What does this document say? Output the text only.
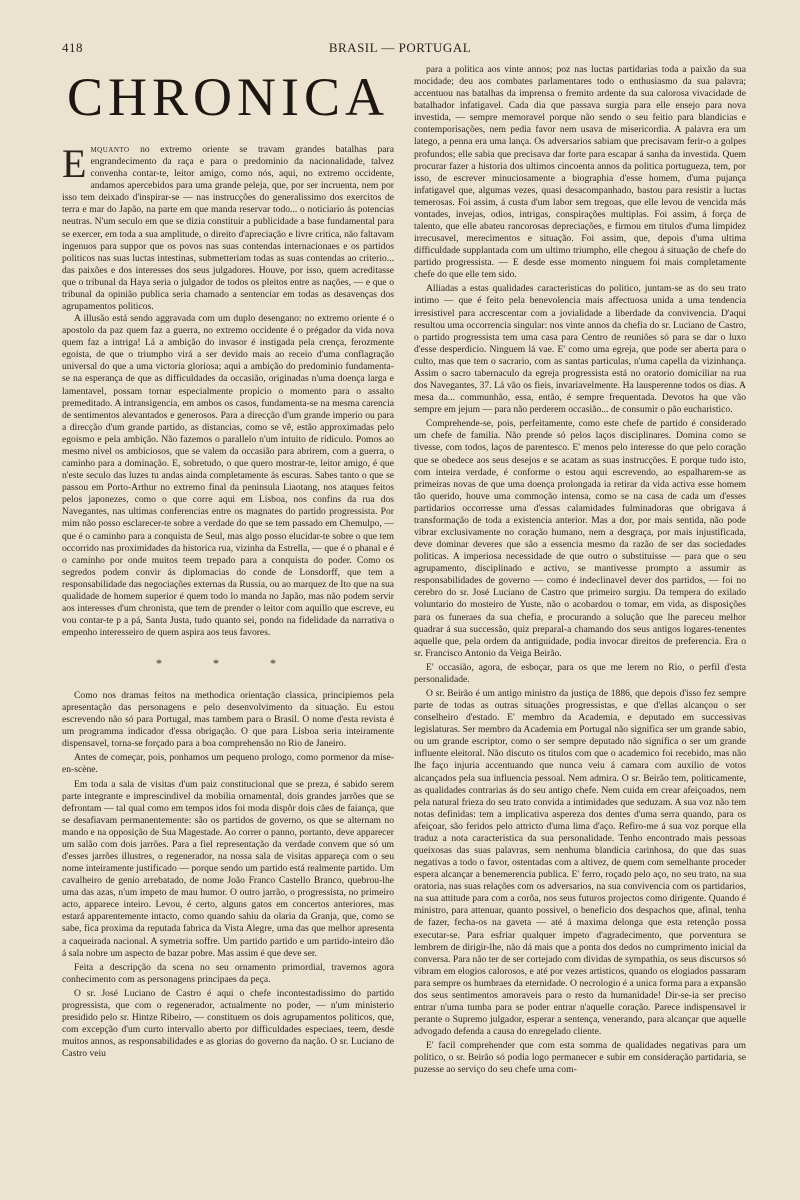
418	BRASIL — PORTUGAL
CHRONICA

Emquanto no extremo oriente se travam grandes batalhas para engrandecimento da raça e para o predominio da nacionalidade, talvez convenha contar-te, leitor amigo, como nós, aqui, no extremo occidente, andamos apercebidos para uma grande peleja, que, por ser incruenta, nem por isso tem deixado d'inspirar-se — nas instrucções do generalissimo dos exercitos de terra e mar do Japão, na parte em que manda reservar todo... o noticiario ás potencias neutras. N'um seculo em que se dizia constituir a publicidade a base fundamental para se exercer, em toda a sua amplitude, o direito d'apreciação e livre critica, não faltavam ingenuos para suppor que os povos nas suas contendas internacionaes e os partidos politicos nas suas luctas intestinas, submetteriam todas as suas contendas ao criterio... das paixões e dos interesses dos seus julgadores. Houve, por isso, quem acreditasse que o tribunal da Haya seria o julgador de todos os pleitos entre as nações, — e que o tribunal da opinião publica seria chamado a sentenciar em todas as desavenças dos agrupamentos politicos.

A illusão está sendo aggravada com um duplo desengano: no extremo oriente é o apostolo da paz quem faz a guerra, no extremo occidente é o prégador da vida nova quem faz a intriga! Lá a ambição do invasor é instigada pela crença, ferozmente egoista, de que o triumpho virá a ser devido mais ao receio d'uma conflagração universal do que a uma victoria gloriosa; aqui a ambição do predominio fundamenta-se na esperança de que as difficuldades da occasião, originadas n'uma doença larga e lamentavel, possam tornar especialmente propicio o momento para o assalto premeditado. A intransigencia, em ambos os casos, fundamenta-se na mesma carencia de sentimentos alevantados e generosos. Para a direcção d'um grande imperio ou para a direcção d'um grande partido, as distancias, como se vê, estão approximadas pelo egoismo e pela ambição. Não fazemos o parallelo n'um intuito de ridiculo. Pomos ao mesmo nivel os ambiciosos, que se valem da occasião para abrirem, com a guerra, o caminho para a dominação. E, sobretudo, o que quero mostrar-te, leitor amigo, é que n'este seculo das luzes tu andas ainda completamente ás escuras. Sabes tanto o que se passou em Porto-Arthur no extremo final da peninsula Liaotang, nos ataques feitos pelos japonezes, como o que corre aqui em Lisboa, nos confins da rua dos Navegantes, nas ultimas conferencias entre os magnates do partido progressista. Por mim não posso esclarecer-te sobre a verdade do que se tem passado em Chemulpo, — que é o caminho para a conquista de Seul, mas algo posso elucidar-te sobre o que tem occorrido nas proximidades da historica rua, vizinha da Estrella, — que é o phanal e é o caminho por onde muitos teem trepado para a conquista do poder. Como os segredos podem convir ás diplomacias do conde de Lonsdorff, que tem a responsabilidade das negociações externas da Russia, ou ao marquez de Ito que na sua qualidade de homem superior é quem todo lo manda no Japão, mas não podem servir aos interesses d'um chronista, que tem de prender o leitor com aquillo que escreve, eu vou contar-te p a pá, Santa Justa, tudo quanto sei, pondo na fidelidade da narrativa o empenho interesseiro de quem aspira aos teus favores.

* * *

Como nos dramas feitos na methodica orientação classica, principiemos pela apresentação das personagens e pelo desenvolvimento da situação. Eu estou escrevendo não só para Portugal, mas tambem para o Brasil. O nome d'esta revista é um programma indicador d'essa obrigação. O que para Lisboa seria inteiramente dispensavel, torna-se forçado para a boa comprehensão no Rio de Janeiro.

Antes de começar, pois, ponhamos um pequeno prologo, como pormenor da mise-en-scène.

Em toda a sala de visitas d'um paiz constitucional que se preza, é sabido serem parte integrante e imprescindivel da mobilia ornamental, dois grandes jarrões que se defrontam — tal qual como em tempos idos foi moda dispôr dois cães de faiança, que se desafiavam permanentemente: são os partidos de governo, os que se alternam no mando e na opposição de Sua Magestade. Ao correr o panno, portanto, deve apparecer um salão com dois jarrões. Para a fiel representação da verdade convem que só um d'esses jarrões illustres, o regenerador, na nossa sala de visitas appareça com o seu nome inteiramente justificado — porque sendo um partido está realmente partido. Um cavalheiro de genio arrebatado, de nome João Franco Castello Branco, quebrou-lhe uma das azas, n'um impeto de mau humor. O outro jarrão, o progressista, no primeiro acto, apparece inteiro. Levou, é certo, alguns gatos em concertos anteriores, mas estará apparentemente intacto, como quando sahiu da olaria da Granja, que, como se sabe, fica proxima da reputada fabrica da Vista Alegre, uma das que melhor apresenta a caqueirada nacional. A symetria soffre. Um partido partido e um partido-inteiro dão á sala nobre um aspecto de bazar pobre. Mas assim é que deve ser.

Feita a descripção da scena no seu ornamento primordial, travemos agora conhecimento com as personagens principaes da peça.

O sr. José Luciano de Castro é aqui o chefe incontestadissimo do partido progressista, que com o regenerador, actualmente no poder, — n'um ministerio presidido pelo sr. Hintze Ribeiro, — constituem os dois agrupamentos politicos, que, com excepção d'um curto intervallo aberto por difficuldades especiaes, teem, desde muitos annos, as responsabilidades e as glorias do governo da nação. O sr. Luciano de Castro veiu

para a politica aos vinte annos; poz nas luctas partidarias toda a paixão da sua mocidade; deu aos combates parlamentares todo o enthusiasmo da sua palavra; accentuou nas batalhas da imprensa o fremito ardente da sua calorosa vivacidade de batalhador infatigavel. Cada dia que passava surgia para elle ensejo para nova investida, — sempre memoravel porque não sendo o seu feitio para blandicias e contemporisações, nem pedia favor nem usava de misericordia. A palavra era um latego, a penna era uma lança. Os adversarios sabiam que precisavam ferir-o a golpes profundos; elle sabia que precisava dar forte para escapar á sanha da investida. Quem procurar fazer a historia dos ultimos cincoenta annos da politica portugueza, tem, por isso, de escrever minuciosamente a biographia d'esse homem, d'uma pujança infatigavel que, algumas vezes, quasi desacompanhado, bastou para resistir a luctas temerosas. Foi assim, á custa d'um labor sem tregoas, que elle levou de vencida más vontades, invejas, odios, intrigas, conspirações multiplas. Foi assim, á força de talento, que elle abateu rancorosas depreciações, e firmou em titulos d'uma limpidez irrecusavel, merecimentos e situação. Foi assim, que, depois d'uma ultima difficuldade supplantada com um ultimo triumpho, elle chegou á situação de chefe do partido progressista. — E desde esse momento ninguem foi mais completamente chefe do que elle tem sido.

Alliadas a estas qualidades caracteristicas do politico, juntam-se as do seu trato intimo — que é feito pela benevolencia mais affectuosa unida a uma tendencia irresistivel para accrescentar com a jovialidade a liberdade da convivencia. D'aqui resultou uma occorrencia singular: nos vinte annos da chefia do sr. Luciano de Castro, o partido progressista tem uma casa para Centro de reuniões só para se dar o luxo d'esse desperdicio. Ninguem lá vae. E' como uma egreja, que pode ser aberta para o culto, mas que tem o sacrario, com as santas particulas, n'uma capella da vizinhança. Assim o sacro tabernaculo da egreja progressista está no oratorio domiciliar na rua dos Navegantes, 37. Lá vão os fieis, invariavelmente. Ha lausperenne todos os dias. A mesa da... communhão, essa, então, é sempre frequentada. Devotos ha que vão sempre em jejum — para não perderem occasião... de consumir o pão eucharistico.

Comprehende-se, pois, perfeitamente, como este chefe de partido é considerado um chefe de familia. Não prende só pelos laços disciplinares. Domina como se tivesse, com todos, laços de parentesco. E' menos pelo interesse do que pelo coração que se obedece aos seus desejos e se acatam as suas instrucções. E porque tudo isto, com inteira verdade, é conforme o estou aqui escrevendo, ao espalharem-se as primeiras novas de que uma doença prolongada ia retirar da vida activa esse homem tão querido, houve uma commoção intensa, como se na casa de cada um d'esses partidarios occorresse uma d'essas calamidades fulminadoras que obrigava á transformação de toda a existencia anterior. Mas a dor, por mais sentida, não pode vibrar exclusivamente no coração humano, nem a desgraça, por mais injustificada, deve dominar deveres que são a essencia mesmo da razão de ser das sociedades politicas. A imperiosa necessidade de que outro o substituisse — para que o seu agrupamento, disciplinado e activo, se mantivesse prompto a assumir as responsabilidades de governo — como é indeclinavel dever dos partidos, — foi no cerebro do sr. José Luciano de Castro que primeiro surgiu. Da tempera do exilado voluntario do mosteiro de Yuste, não o acobardou o tomar, em vida, as disposições para os funeraes da sua chefia, e procurando a solução que lhe pareceu melhor quadrar á sua successão, quiz preparal-a chamando dos seus antigos logares-tenentes aquelle que, pela ordem da antiguidade, podia invocar direitos de preferencia. Era o sr. Francisco Antonio da Veiga Beirão.

E' occasião, agora, de esboçar, para os que me lerem no Rio, o perfil d'esta personalidade.

O sr. Beirão é um antigo ministro da justiça de 1886, que depois d'isso fez sempre parte de todas as outras situações progressistas, e que d'ellas alcançou o ser conselheiro d'estado. E' membro da Academia, e deputado em successivas legislaturas. Ser membro da Academia em Portugal não significa ser um grande sabio, ou um grande escriptor, como o ser sempre deputado não significa o ser um grande influente eleitoral. Não discuto os titulos com que o academico foi recebido, mas não lhe faço injuria accentuando que nunca veiu á camara com auxilio de votos alcançados pela sua influencia pessoal. Nem admira. O sr. Beirão tem, politicamente, as qualidades contrarias ás do seu antigo chefe. Nem cuida em crear afeiçoados, nem pela natural frieza do seu trato convida a intimidades que seduzam. A sua voz não tem notas definidas: tem a implicativa aspereza dos dentes d'uma serra quando, para os afeiçoar, são feridos pelo attricto d'uma lima d'aço. Refiro-me á sua voz porque ella traduz a nota caracteristica da sua personalidade. Tenho encontrado mais pessoas queixosas das suas palavras, sem nenhuma blandicia carinhosa, do que das suas negativas a todo o favor, ostentadas com a altivez, de quem com semelhante proceder espera alcançar a benemerencia publica. E' ferro, roçado pelo aço, no seu trato, na sua oratoria, nas suas relações com os adversarios, na sua convivencia com os partidarios, na sua attitude para com a corôa, nos seus futuros projectos como dirigente. Quando é ministro, para attenuar, quanto possivel, o beneficio dos despachos que, afinal, tenha de fazer, fecha-os na gaveta — até á maxima delonga que esta retenção possa executar-se. Para esfriar qualquer impeto d'agradecimento, que porventura se lembrem de dirigir-lhe, não dá mais que a ponta dos dedos no cumprimento inicial da conversa. Para não ter de ser cortejado com dividas de sympathia, os seus discursos só vibram em elogios calorosos, e até por vezes artisticos, quando os elogiados passaram para sempre os humbraes da eternidade. O necrologio é a unica forma para a expansão dos seus sentimentos amoraveis para o resto da humanidade! Dir-se-ia ser preciso entrar n'uma tumba para se poder entrar n'aquelle coração. Parece indispensavel ir perante o Supremo julgador, esperar a sentença, venerando, para alcançar que aquelle advogado defenda a causa do enregelado cliente.

E' facil comprehender que com esta somma de qualidades negativas para um politico, o sr. Beirão só podia logo permanecer e subir em consideração partidaria, se puzesse ao serviço do seu chefe uma com-
